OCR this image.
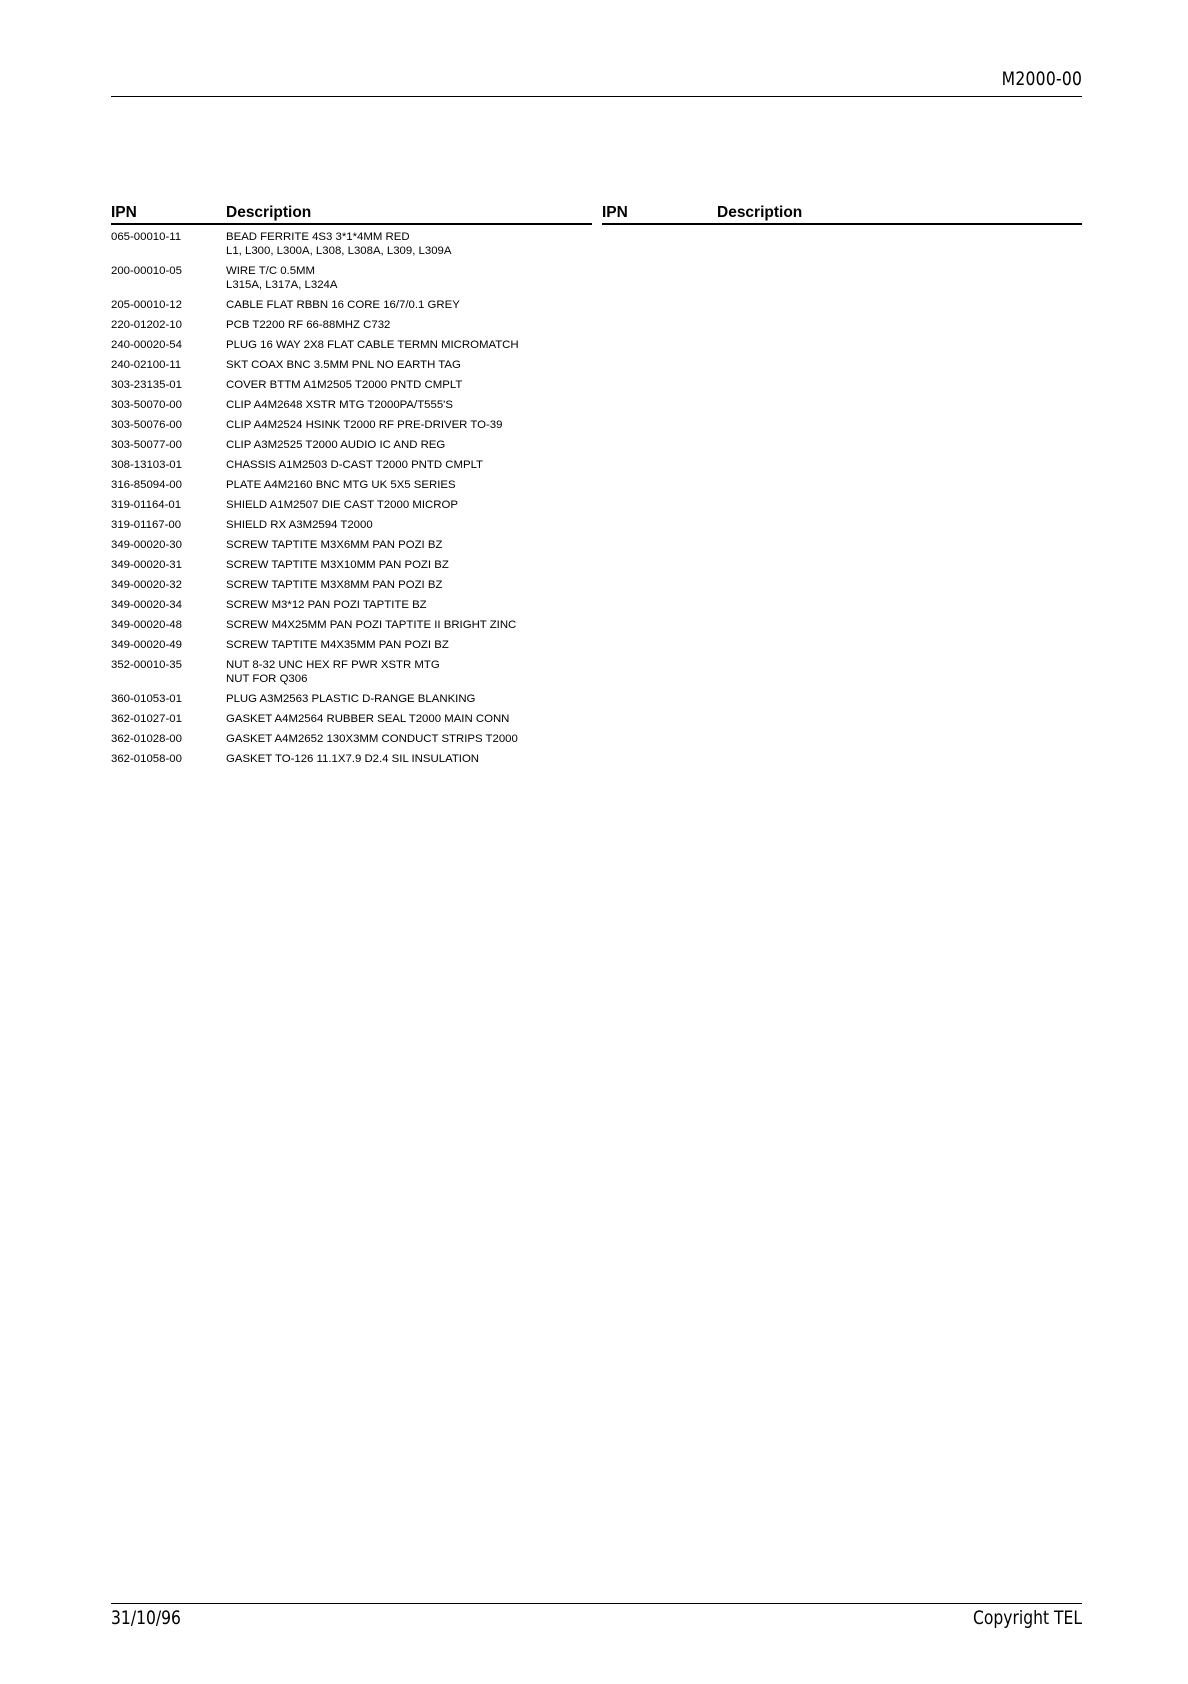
M2000-00
IPN	Description	IPN	Description
065-00010-11	BEAD FERRITE 4S3 3*1*4MM RED
L1, L300, L300A, L308, L308A, L309, L309A
200-00010-05	WIRE T/C 0.5MM
L315A, L317A, L324A
205-00010-12	CABLE FLAT RBBN 16 CORE 16/7/0.1 GREY
220-01202-10	PCB T2200 RF 66-88MHZ C732
240-00020-54	PLUG 16 WAY 2X8 FLAT CABLE TERMN MICROMATCH
240-02100-11	SKT COAX BNC 3.5MM PNL NO EARTH TAG
303-23135-01	COVER BTTM A1M2505 T2000 PNTD CMPLT
303-50070-00	CLIP A4M2648 XSTR MTG T2000PA/T555'S
303-50076-00	CLIP A4M2524 HSINK T2000 RF PRE-DRIVER TO-39
303-50077-00	CLIP A3M2525 T2000 AUDIO IC AND REG
308-13103-01	CHASSIS A1M2503 D-CAST T2000 PNTD CMPLT
316-85094-00	PLATE A4M2160 BNC MTG UK 5X5 SERIES
319-01164-01	SHIELD A1M2507 DIE CAST T2000 MICROP
319-01167-00	SHIELD RX A3M2594 T2000
349-00020-30	SCREW TAPTITE M3X6MM PAN POZI BZ
349-00020-31	SCREW TAPTITE M3X10MM PAN POZI BZ
349-00020-32	SCREW TAPTITE M3X8MM PAN POZI BZ
349-00020-34	SCREW M3*12 PAN POZI TAPTITE BZ
349-00020-48	SCREW M4X25MM PAN POZI TAPTITE II BRIGHT ZINC
349-00020-49	SCREW TAPTITE M4X35MM PAN POZI BZ
352-00010-35	NUT 8-32 UNC HEX RF PWR XSTR MTG
NUT FOR Q306
360-01053-01	PLUG A3M2563 PLASTIC D-RANGE BLANKING
362-01027-01	GASKET A4M2564 RUBBER SEAL T2000 MAIN CONN
362-01028-00	GASKET A4M2652 130X3MM CONDUCT STRIPS T2000
362-01058-00	GASKET TO-126 11.1X7.9 D2.4 SIL INSULATION
31/10/96	Copyright TEL
